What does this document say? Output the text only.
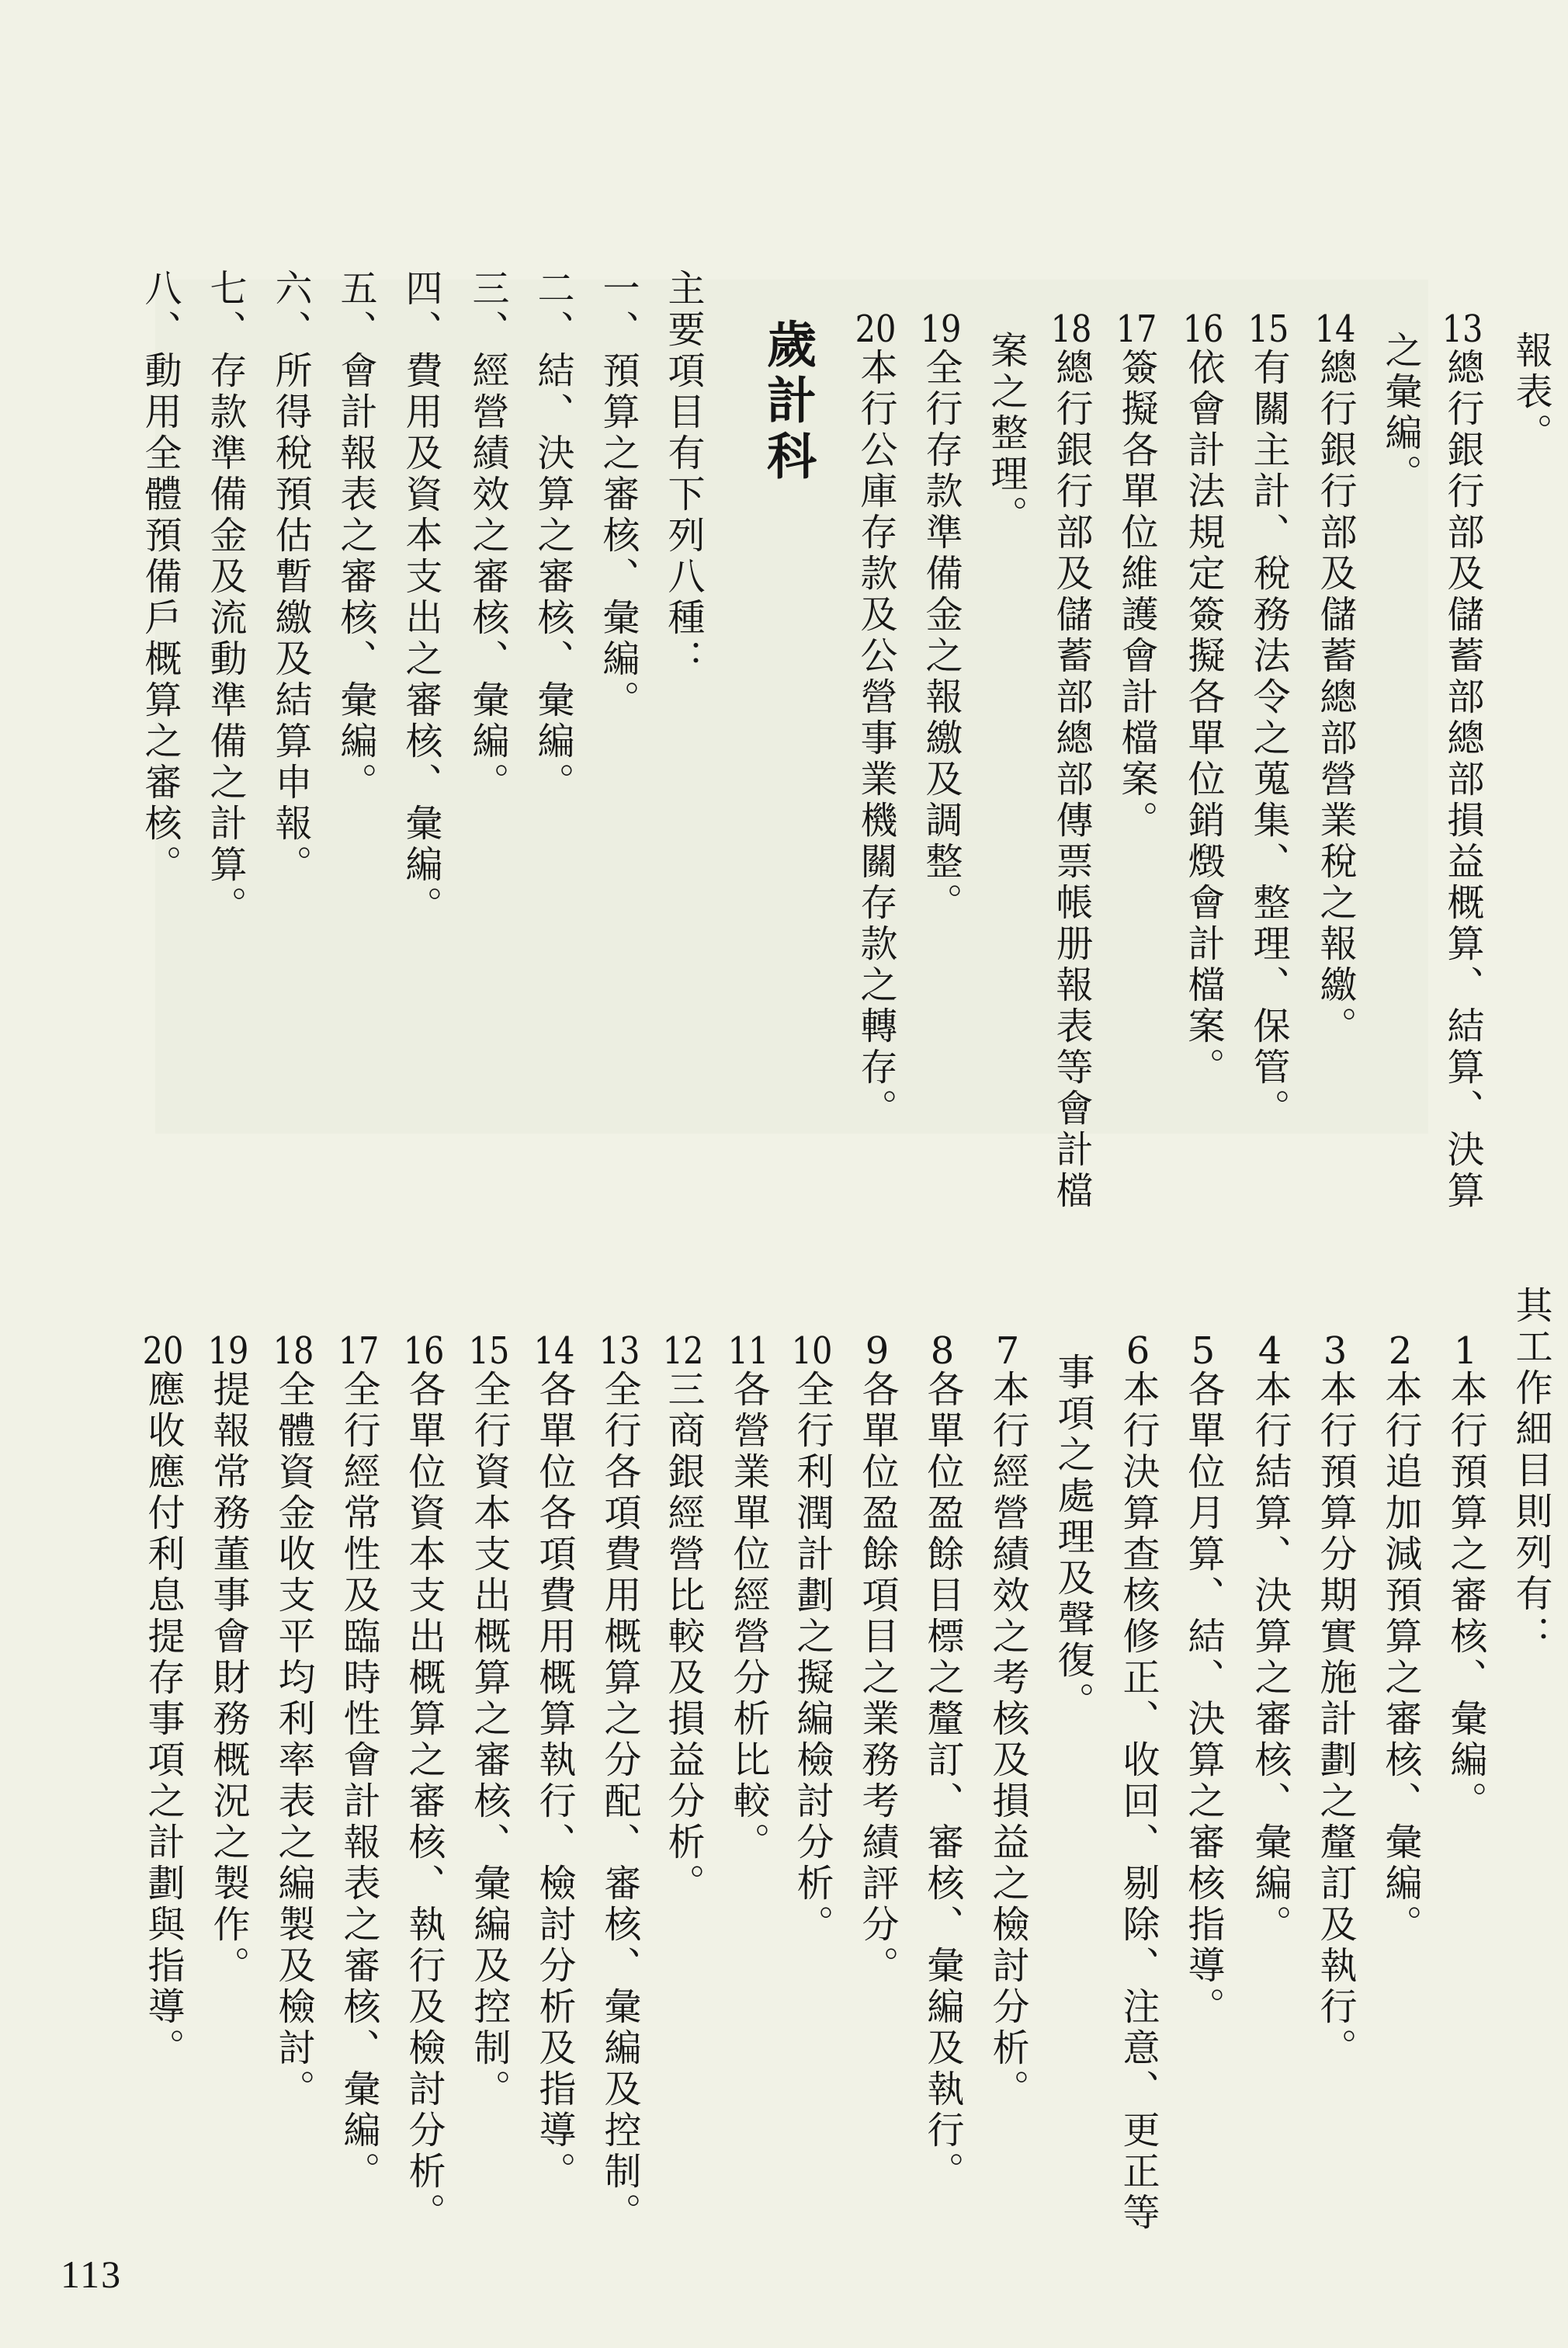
報表。
13總行銀行部及儲蓄部總部損益概算、結算、決算
之彙編。
14總行銀行部及儲蓄總部營業稅之報繳。
15有關主計、稅務法令之蒐集、整理、保管。
16依會計法規定簽擬各單位銷燬會計檔案。
17簽擬各單位維護會計檔案。
18總行銀行部及儲蓄部總部傳票帳册報表等會計檔
案之整理。
19全行存款準備金之報繳及調整。
20本行公庫存款及公營事業機關存款之轉存。
歲計科
主要項目有下列八種：
一、預算之審核、彙編。
二、結、決算之審核、彙編。
三、經營績效之審核、彙編。
四、費用及資本支出之審核、彙編。
五、會計報表之審核、彙編。
六、所得稅預估暫繳及結算申報。
七、存款準備金及流動準備之計算。
八、動用全體預備戶概算之審核。
其工作細目則列有：
1本行預算之審核、彙編。
2本行追加減預算之審核、彙編。
3本行預算分期實施計劃之釐訂及執行。
4本行結算、決算之審核、彙編。
5各單位月算、結、決算之審核指導。
6本行決算查核修正、收回、剔除、注意、更正等
事項之處理及聲復。
7本行經營績效之考核及損益之檢討分析。
8各單位盈餘目標之釐訂、審核、彙編及執行。
9各單位盈餘項目之業務考績評分。
10全行利潤計劃之擬編檢討分析。
11各營業單位經營分析比較。
12三商銀經營比較及損益分析。
13全行各項費用概算之分配、審核、彙編及控制。
14各單位各項費用概算執行、檢討分析及指導。
15全行資本支出概算之審核、彙編及控制。
16各單位資本支出概算之審核、執行及檢討分析。
17全行經常性及臨時性會計報表之審核、彙編。
18全體資金收支平均利率表之編製及檢討。
19提報常務董事會財務概況之製作。
20應收應付利息提存事項之計劃與指導。
113
